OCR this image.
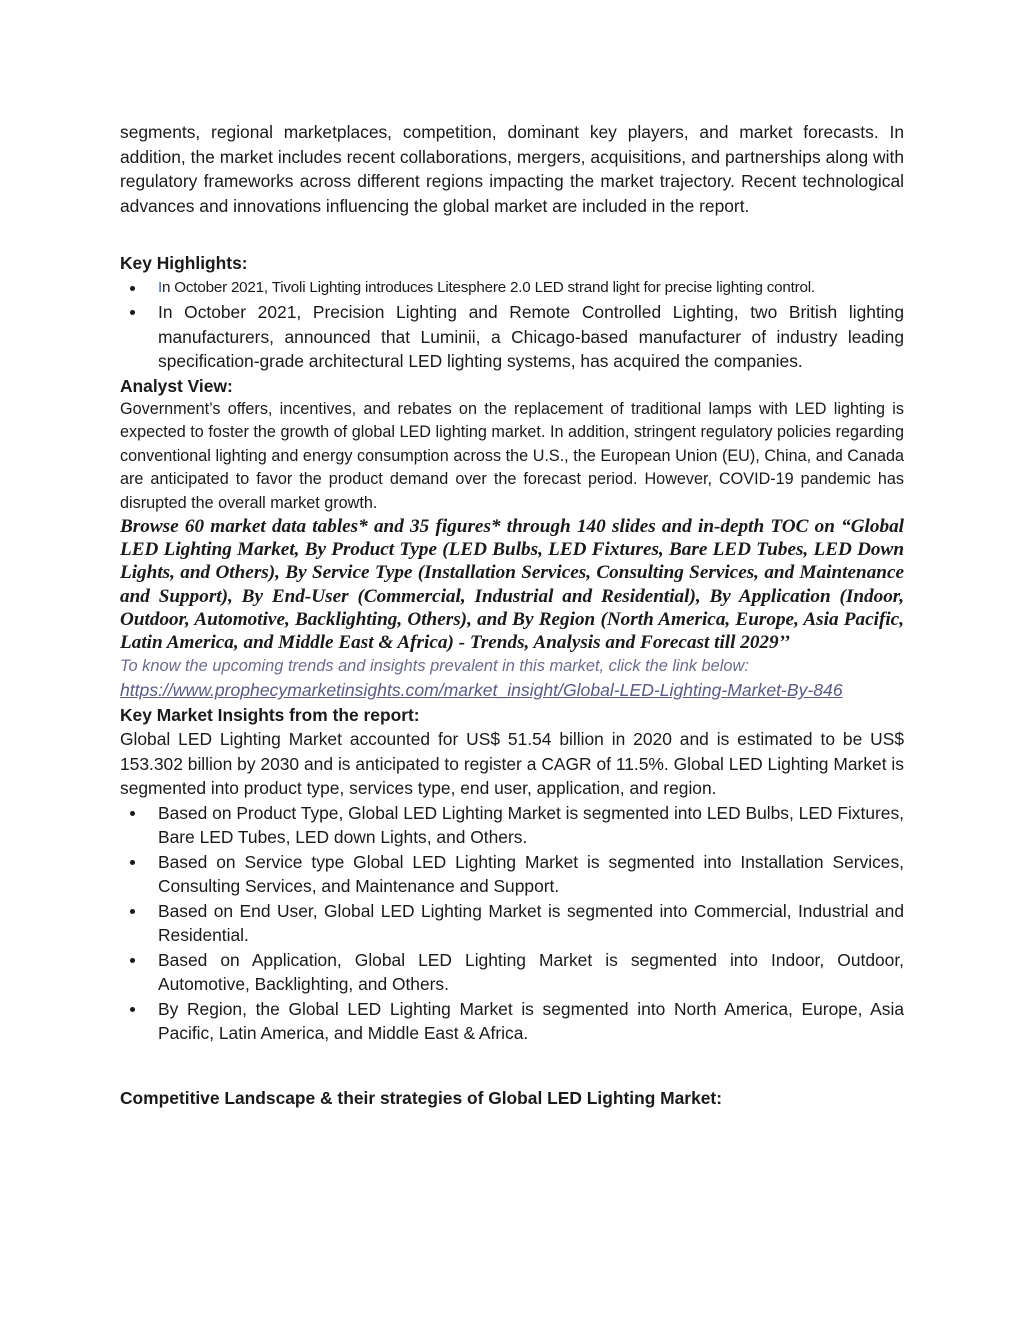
segments, regional marketplaces, competition, dominant key players, and market forecasts. In addition, the market includes recent collaborations, mergers, acquisitions, and partnerships along with regulatory frameworks across different regions impacting the market trajectory. Recent technological advances and innovations influencing the global market are included in the report.

Key Highlights:

In October 2021, Tivoli Lighting introduces Litesphere 2.0 LED strand light for precise lighting control.
In October 2021, Precision Lighting and Remote Controlled Lighting, two British lighting manufacturers, announced that Luminii, a Chicago-based manufacturer of industry leading specification-grade architectural LED lighting systems, has acquired the companies.

Analyst View:

Government’s offers, incentives, and rebates on the replacement of traditional lamps with LED lighting is expected to foster the growth of global LED lighting market. In addition, stringent regulatory policies regarding conventional lighting and energy consumption across the U.S., the European Union (EU), China, and Canada are anticipated to favor the product demand over the forecast period. However, COVID-19 pandemic has disrupted the overall market growth.

Browse 60 market data tables* and 35 figures* through 140 slides and in-depth TOC on “Global LED Lighting Market, By Product Type (LED Bulbs, LED Fixtures, Bare LED Tubes, LED Down Lights, and Others), By Service Type (Installation Services, Consulting Services, and Maintenance and Support), By End-User (Commercial, Industrial and Residential), By Application (Indoor, Outdoor, Automotive, Backlighting, Others), and By Region (North America, Europe, Asia Pacific, Latin America, and Middle East & Africa) - Trends, Analysis and Forecast till 2029’’

To know the upcoming trends and insights prevalent in this market, click the link below:

https://www.prophecymarketinsights.com/market_insight/Global-LED-Lighting-Market-By-846

Key Market Insights from the report:

Global LED Lighting Market accounted for US$ 51.54 billion in 2020 and is estimated to be US$ 153.302 billion by 2030 and is anticipated to register a CAGR of 11.5%. Global LED Lighting Market is segmented into product type, services type, end user, application, and region.

Based on Product Type, Global LED Lighting Market is segmented into LED Bulbs, LED Fixtures, Bare LED Tubes, LED down Lights, and Others.
Based on Service type Global LED Lighting Market is segmented into Installation Services, Consulting Services, and Maintenance and Support.
Based on End User, Global LED Lighting Market is segmented into Commercial, Industrial and Residential.
Based on Application, Global LED Lighting Market is segmented into Indoor, Outdoor, Automotive, Backlighting, and Others.
By Region, the Global LED Lighting Market is segmented into North America, Europe, Asia Pacific, Latin America, and Middle East & Africa.

Competitive Landscape & their strategies of Global LED Lighting Market:
